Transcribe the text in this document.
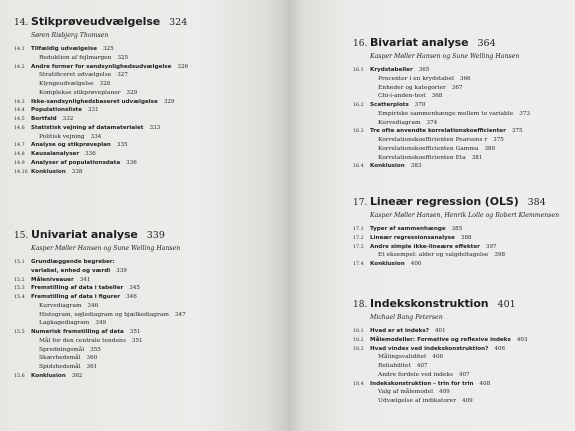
14. Stikprøveudvælgelse 324
Søren Risbjerg Thomsen
14.1	Tilfældig udvælgelse 325
Reduktion af fejlmargen 325
14.2	Andre former for sandsynlighedsudvælgelse 326
Stratificeret udvælgelse 327
Klyngeudvælgelse 328
Komplekse stikprøveplaner 329
14.3	Ikke-sandsynlighedsbaseret udvælgelse 329
14.4	Populationsliste 331
14.5	Bortfald 332
14.6	Statistisk vejning af datamaterialet 333
Politisk vejning 334
14.7	Analyse og stikprøveplan 335
14.8	Kausalanalyser 336
14.9	Analyser af populationsdata 336
14.10 Konklusion 338
15. Univariat analyse 339
Kasper Møller Hansen og Sune Welling Hansen
15.1	Grundlæggende begreber:
variabel, enhed og værdi 339
15.2	Måleniveauer 341
15.3	Fremstilling af data i tabeller 345
15.4	Fremstilling af data i figurer 346
Kurvediagram 346
Histogram, søjlediagram og bjælkediagram 347
Lagkagediagram 349
15.5	Numerisk fremstilling af data 351
Mål for den centrale tendens 351
Spredningsmål 355
Skævhedsmål 360
Spidshedsmål 361
15.6	Konklusion 362
16. Bivariat analyse 364
Kasper Møller Hansen og Sune Welling Hansen
16.1	Krydstabeller 365
Procenter i en krydstabel 366
Enheder og kategorier 367
Chi-i-anden-test 368
16.2	Scatterplots 370
Empiriske sammenhænge mellem to variable 373
Kurvediagram 374
16.3	Tre ofte anvendte korrelationskoefficienter 375
Korrelationskoefficienten Pearsons r 375
Korrelationskoefficienten Gamma 380
Korrelationskoefficienten Eta 381
16.4	Konklusion 383
17. Lineær regression (OLS) 384
Kasper Møller Hansen, Henrik Lolle og Robert Klemmensen
17.1	Typer af sammenhænge 385
17.2	Lineær regressionsanalyse 388
17.3	Andre simple ikke-lineære effekter 397
Et eksempel: alder og valgdeltagelse 398
17.4	Konklusion 400
18. Indekskonstruktion 401
Michael Bang Petersen
18.1	Hvad er et indeks? 401
18.2	Målemodeller: Formative og reflexive indeks 403
18.3	Hvad vindes ved indekskonstruktion? 406
Målingsvaliditet 406
Reliabilitet 407
Andre fordele ved indeks 407
18.4	Indekskonstruktion – trin for trin 408
Valg af målemodel 409
Udvælgelse af indikatorer 409
